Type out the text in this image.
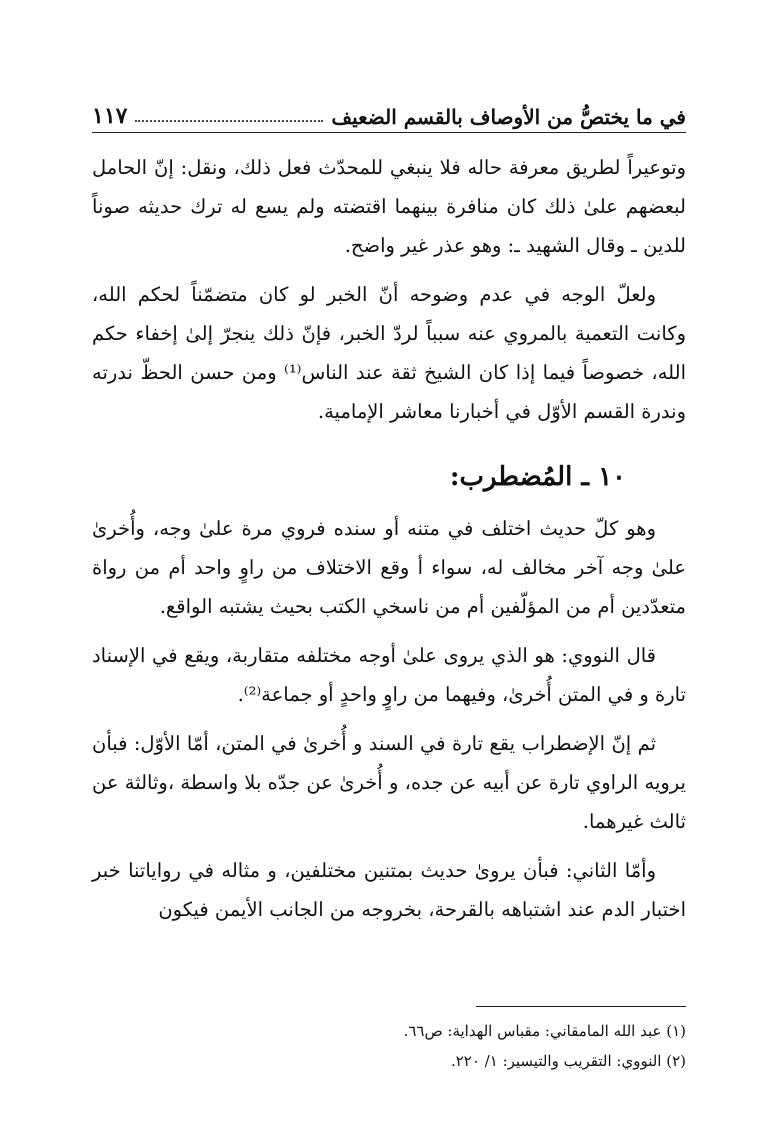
في ما يختصُّ من الأوصاف بالقسم الضعيف
١١٧

وتوعيراً لطريق معرفة حاله فلا ينبغي للمحدّث فعل ذلك، ونقل: إنّ الحامل لبعضهم علىٰ ذلك كان منافرة بينهما اقتضته ولم يسع له ترك حديثه صوناً للدين ـ وقال الشهيد ـ: وهو عذر غير واضح.

ولعلّ الوجه في عدم وضوحه أنّ الخبر لو كان متضمّناً لحكم الله، وكانت التعمية بالمروي عنه سبباً لردّ الخبر، فإنّ ذلك ينجرّ إلىٰ إخفاء حكم الله، خصوصاً فيما إذا كان الشيخ ثقة عند الناس⁽¹⁾ ومن حسن الحظّ ندرته وندرة القسم الأوّل في أخبارنا معاشر الإمامية.

١٠ ـ المُضطرب:

وهو كلّ حديث اختلف في متنه أو سنده فروي مرة علىٰ وجه، وأُخرىٰ علىٰ وجه آخر مخالف له، سواء أ وقع الاختلاف من راوٍ واحد أم من رواة متعدّدين أم من المؤلّفين أم من ناسخي الكتب بحيث يشتبه الواقع.

قال النووي: هو الذي يروى علىٰ أوجه مختلفه متقاربة، ويقع في الإسناد تارة و في المتن أُخرىٰ، وفيهما من راوٍ واحدٍ أو جماعة⁽²⁾.

ثم إنّ الإضطراب يقع تارة في السند و أُخرىٰ في المتن، أمّا الأوّل: فبأن يرويه الراوي تارة عن أبيه عن جده، و أُخرىٰ عن جدّه بلا واسطة ،وثالثة عن ثالث غيرهما.

وأمّا الثاني: فبأن يرویٰ حديث بمتنين مختلفين، و مثاله في رواياتنا خبر اختبار الدم عند اشتباهه بالقرحة، بخروجه من الجانب الأيمن فيكون

(١) عبد الله المامقاني: مقباس الهداية: ص٦٦.
(٢) النووي: التقريب والتيسير: ١/ ٢٢٠.
